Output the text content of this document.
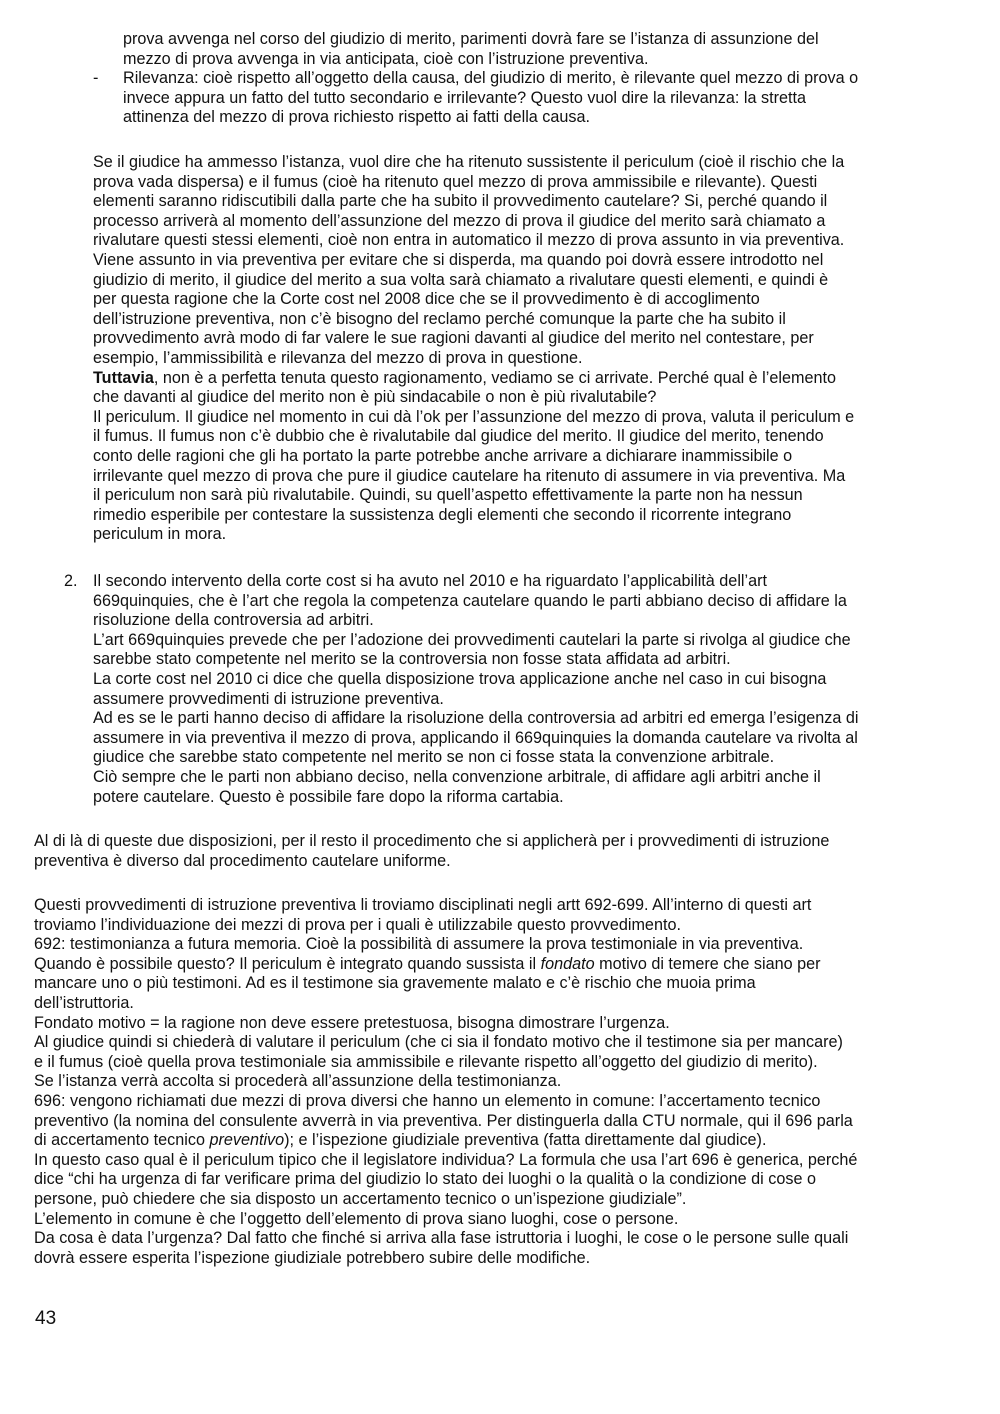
prova avvenga nel corso del giudizio di merito, parimenti dovrà fare se l’istanza di assunzione del
mezzo di prova avvenga in via anticipata, cioè con l’istruzione preventiva.
- Rilevanza: cioè rispetto all’oggetto della causa, del giudizio di merito, è rilevante quel mezzo di prova o
invece appura un fatto del tutto secondario e irrilevante? Questo vuol dire la rilevanza: la stretta
attinenza del mezzo di prova richiesto rispetto ai fatti della causa.
Se il giudice ha ammesso l’istanza, vuol dire che ha ritenuto sussistente il periculum (cioè il rischio che la
prova vada dispersa) e il fumus (cioè ha ritenuto quel mezzo di prova ammissibile e rilevante). Questi
elementi saranno ridiscutibili dalla parte che ha subito il provvedimento cautelare? Si, perché quando il
processo arriverà al momento dell’assunzione del mezzo di prova il giudice del merito sarà chiamato a
rivalutare questi stessi elementi, cioè non entra in automatico il mezzo di prova assunto in via preventiva.
Viene assunto in via preventiva per evitare che si disperda, ma quando poi dovrà essere introdotto nel
giudizio di merito, il giudice del merito a sua volta sarà chiamato a rivalutare questi elementi, e quindi è
per questa ragione che la Corte cost nel 2008 dice che se il provvedimento è di accoglimento
dell’istruzione preventiva, non c’è bisogno del reclamo perché comunque la parte che ha subito il
provvedimento avrà modo di far valere le sue ragioni davanti al giudice del merito nel contestare, per
esempio, l’ammissibilità e rilevanza del mezzo di prova in questione.
Tuttavia, non è a perfetta tenuta questo ragionamento, vediamo se ci arrivate. Perché qual è l’elemento
che davanti al giudice del merito non è più sindacabile o non è più rivalutabile?
Il periculum. Il giudice nel momento in cui dà l’ok per l’assunzione del mezzo di prova, valuta il periculum e
il fumus. Il fumus non c’è dubbio che è rivalutabile dal giudice del merito. Il giudice del merito, tenendo
conto delle ragioni che gli ha portato la parte potrebbe anche arrivare a dichiarare inammissibile o
irrilevante quel mezzo di prova che pure il giudice cautelare ha ritenuto di assumere in via preventiva. Ma
il periculum non sarà più rivalutabile. Quindi, su quell’aspetto effettivamente la parte non ha nessun
rimedio esperibile per contestare la sussistenza degli elementi che secondo il ricorrente integrano
periculum in mora.
2. Il secondo intervento della corte cost si ha avuto nel 2010 e ha riguardato l’applicabilità dell’art
669quinquies, che è l’art che regola la competenza cautelare quando le parti abbiano deciso di affidare la
risoluzione della controversia ad arbitri.
L’art 669quinquies prevede che per l’adozione dei provvedimenti cautelari la parte si rivolga al giudice che
sarebbe stato competente nel merito se la controversia non fosse stata affidata ad arbitri.
La corte cost nel 2010 ci dice che quella disposizione trova applicazione anche nel caso in cui bisogna
assumere provvedimenti di istruzione preventiva.
Ad es se le parti hanno deciso di affidare la risoluzione della controversia ad arbitri ed emerga l’esigenza di
assumere in via preventiva il mezzo di prova, applicando il 669quinquies la domanda cautelare va rivolta al
giudice che sarebbe stato competente nel merito se non ci fosse stata la convenzione arbitrale.
Ciò sempre che le parti non abbiano deciso, nella convenzione arbitrale, di affidare agli arbitri anche il
potere cautelare. Questo è possibile fare dopo la riforma cartabia.
Al di là di queste due disposizioni, per il resto il procedimento che si applicherà per i provvedimenti di istruzione
preventiva è diverso dal procedimento cautelare uniforme.
Questi provvedimenti di istruzione preventiva li troviamo disciplinati negli artt 692-699. All’interno di questi art
troviamo l’individuazione dei mezzi di prova per i quali è utilizzabile questo provvedimento.
692: testimonianza a futura memoria. Cioè la possibilità di assumere la prova testimoniale in via preventiva.
Quando è possibile questo? Il periculum è integrato quando sussista il fondato motivo di temere che siano per
mancare uno o più testimoni. Ad es il testimone sia gravemente malato e c’è rischio che muoia prima
dell’istruttoria.
Fondato motivo = la ragione non deve essere pretestuosa, bisogna dimostrare l’urgenza.
Al giudice quindi si chiederà di valutare il periculum (che ci sia il fondato motivo che il testimone sia per mancare)
e il fumus (cioè quella prova testimoniale sia ammissibile e rilevante rispetto all’oggetto del giudizio di merito).
Se l’istanza verrà accolta si procederà all’assunzione della testimonianza.
696: vengono richiamati due mezzi di prova diversi che hanno un elemento in comune: l’accertamento tecnico
preventivo (la nomina del consulente avverrà in via preventiva. Per distinguerla dalla CTU normale, qui il 696 parla
di accertamento tecnico preventivo); e l’ispezione giudiziale preventiva (fatta direttamente dal giudice).
In questo caso qual è il periculum tipico che il legislatore individua? La formula che usa l’art 696 è generica, perché
dice “chi ha urgenza di far verificare prima del giudizio lo stato dei luoghi o la qualità o la condizione di cose o
persone, può chiedere che sia disposto un accertamento tecnico o un’ispezione giudiziale”.
L’elemento in comune è che l’oggetto dell’elemento di prova siano luoghi, cose o persone.
Da cosa è data l’urgenza? Dal fatto che finché si arriva alla fase istruttoria i luoghi, le cose o le persone sulle quali
dovrà essere esperita l’ispezione giudiziale potrebbero subire delle modifiche.
43
